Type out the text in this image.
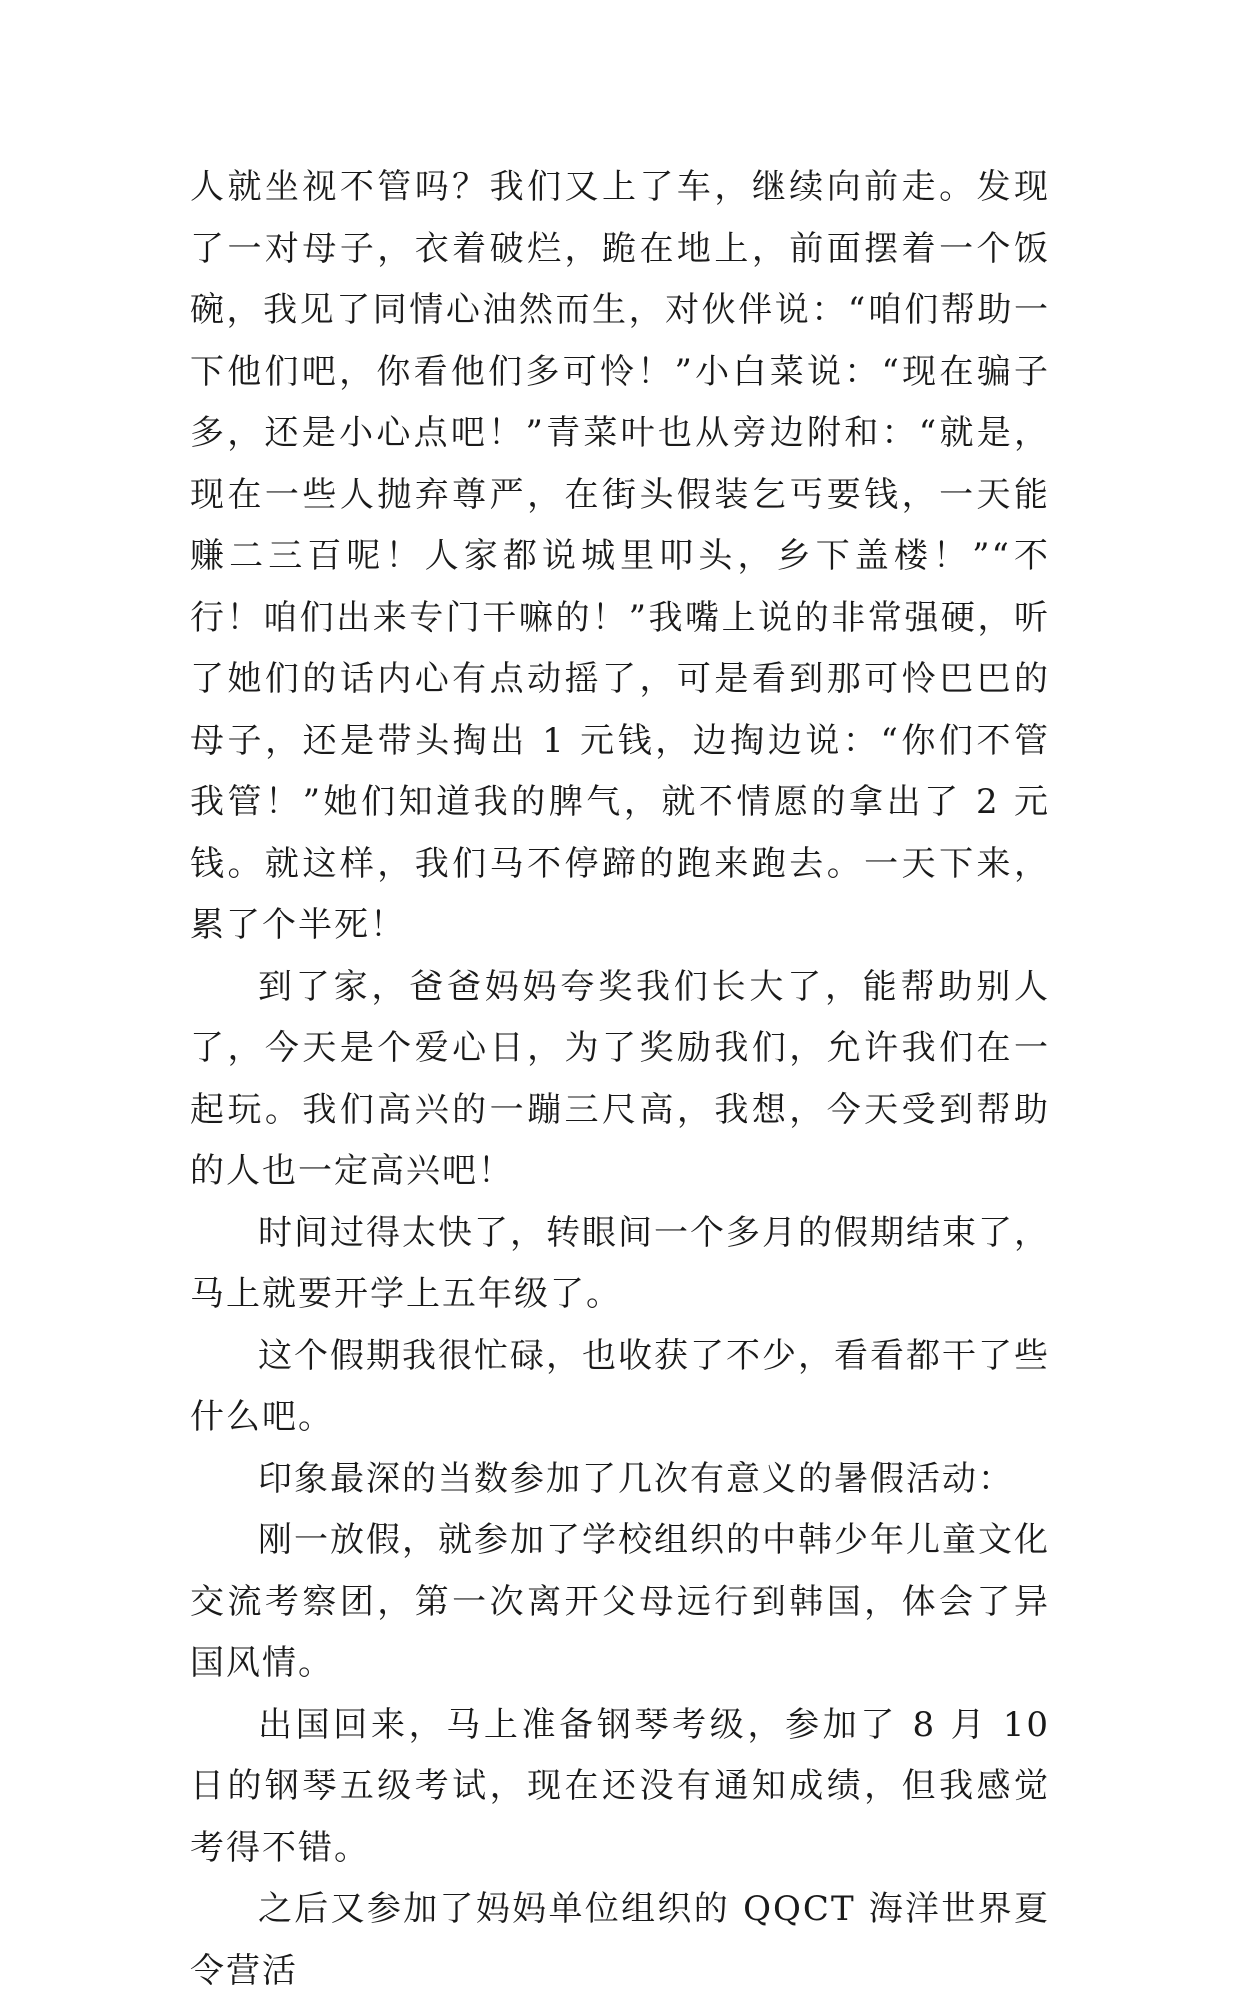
人就坐视不管吗？我们又上了车，继续向前走。发现了一对母子，衣着破烂，跪在地上，前面摆着一个饭碗，我见了同情心油然而生，对伙伴说：“咱们帮助一下他们吧，你看他们多可怜！”小白菜说：“现在骗子多，还是小心点吧！”青菜叶也从旁边附和：“就是，现在一些人抛弃尊严，在街头假装乞丐要钱，一天能赚二三百呢！人家都说城里叩头，乡下盖楼！”“不行！咱们出来专门干嘛的！”我嘴上说的非常强硬，听了她们的话内心有点动摇了，可是看到那可怜巴巴的母子，还是带头掏出 1 元钱，边掏边说：“你们不管我管！”她们知道我的脾气，就不情愿的拿出了 2 元钱。就这样，我们马不停蹄的跑来跑去。一天下来，累了个半死！

到了家，爸爸妈妈夸奖我们长大了，能帮助别人了，今天是个爱心日，为了奖励我们，允许我们在一起玩。我们高兴的一蹦三尺高，我想，今天受到帮助的人也一定高兴吧！

时间过得太快了，转眼间一个多月的假期结束了，马上就要开学上五年级了。

这个假期我很忙碌，也收获了不少，看看都干了些什么吧。

印象最深的当数参加了几次有意义的暑假活动：

刚一放假，就参加了学校组织的中韩少年儿童文化交流考察团，第一次离开父母远行到韩国，体会了异国风情。

出国回来，马上准备钢琴考级，参加了 8 月 10 日的钢琴五级考试，现在还没有通知成绩，但我感觉考得不错。

之后又参加了妈妈单位组织的 QQCT 海洋世界夏令营活
